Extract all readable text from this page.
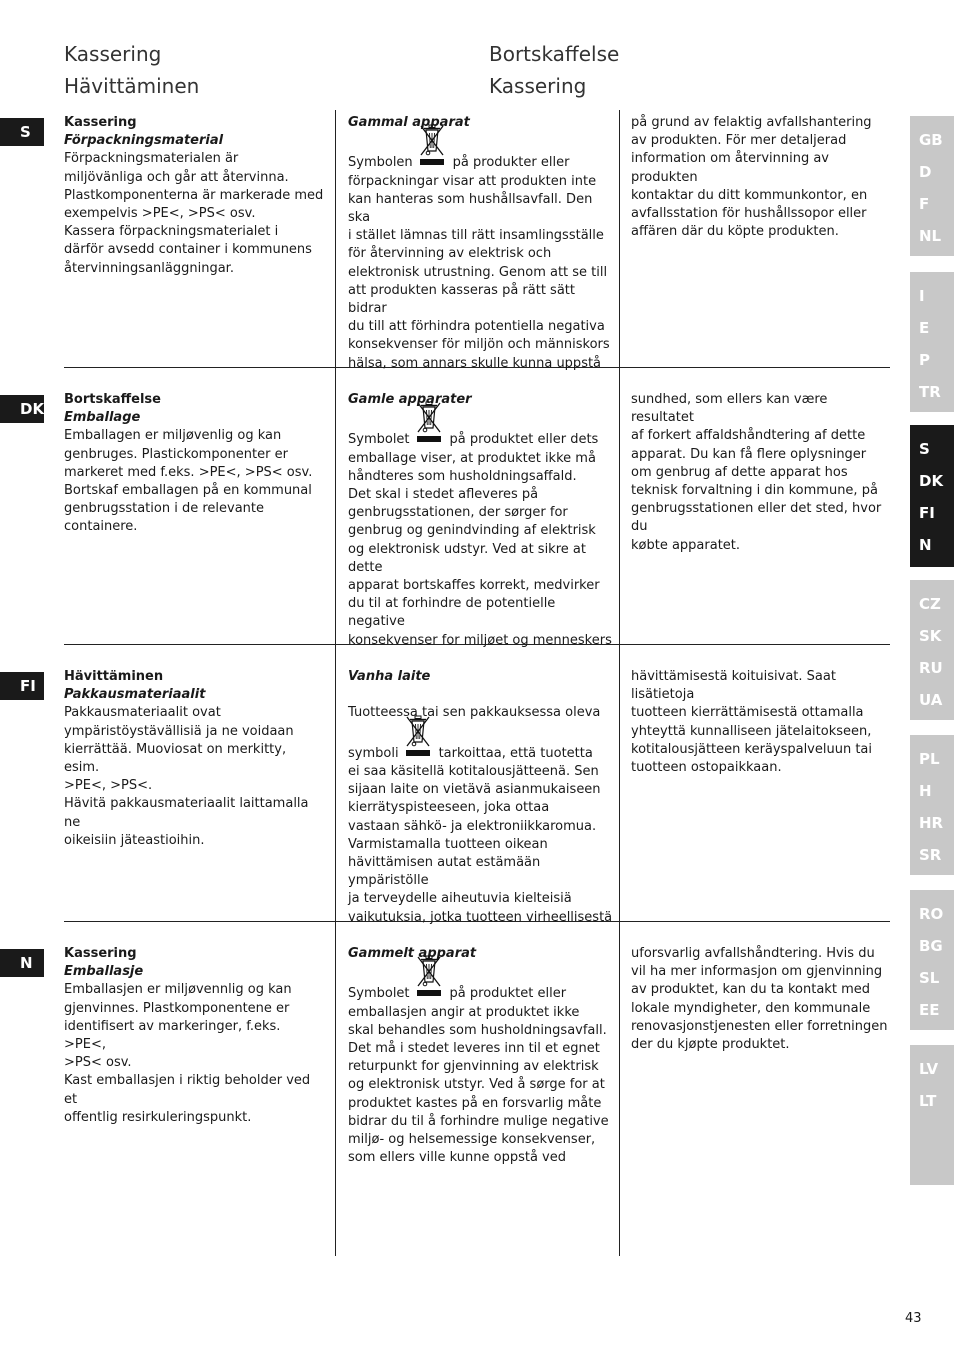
Kassering
Hävittäminen
Bortskaffelse
Kassering
S

Kassering

Förpackningsmaterial

Förpackningsmaterialen är

miljövänliga och går att återvinna.

Plastkomponenterna är markerade med

exempelvis >PE<, >PS< osv.

Kassera förpackningsmaterialet i

därför avsedd container i kommunens

återvinningsanläggningar.

Gammal apparat

Symbolen	på produkter eller

förpackningar visar att produkten inte

kan hanteras som hushållsavfall. Den ska

i stället lämnas till rätt insamlingsställe

för återvinning av elektrisk och

elektronisk utrustning. Genom att se till

att produkten kasseras på rätt sätt bidrar

du till att förhindra potentiella negativa

konsekvenser för miljön och människors

hälsa, som annars skulle kunna uppstå

på grund av felaktig avfallshantering

av produkten. För mer detaljerad

information om återvinning av produkten

kontaktar du ditt kommunkontor, en

avfallsstation för hushållssopor eller

affären där du köpte produkten.

DK

Bortskaffelse

Emballage

Emballagen er miljøvenlig og kan

genbruges. Plastickomponenter er

markeret med f.eks. >PE<, >PS< osv.

Bortskaf emballagen på en kommunal

genbrugsstation i de relevante

containere.

Gamle apparater

Symbolet	på produktet eller dets

emballage viser, at produktet ikke må

håndteres som husholdningsaffald.

Det skal i stedet afleveres på

genbrugsstationen, der sørger for

genbrug og genindvinding af elektrisk

og elektronisk udstyr. Ved at sikre at dette

apparat bortskaffes korrekt, medvirker

du til at forhindre de potentielle negative

konsekvenser for miljøet og menneskers

sundhed, som ellers kan være resultatet

af forkert affaldshåndtering af dette

apparat. Du kan få flere oplysninger

om genbrug af dette apparat hos

teknisk forvaltning i din kommune, på

genbrugsstationen eller det sted, hvor du

købte apparatet.

FI

Hävittäminen

Pakkausmateriaalit

Pakkausmateriaalit ovat

ympäristöystävällisiä ja ne voidaan

kierrättää. Muoviosat on merkitty, esim.

>PE<, >PS<.

Hävitä pakkausmateriaalit laittamalla ne

oikeisiin jäteastioihin.

Vanha laite

Tuotteessa tai sen pakkauksessa oleva

symboli	tarkoittaa, että tuotetta

ei saa käsitellä kotitalousjätteenä. Sen

sijaan laite on vietävä asianmukaiseen

kierrätyspisteeseen, joka ottaa

vastaan sähkö- ja elektroniikkaromua.

Varmistamalla tuotteen oikean

hävittämisen autat estämään ympäristölle

ja terveydelle aiheutuvia kielteisiä

vaikutuksia, jotka tuotteen virheellisestä

hävittämisestä koituisivat. Saat lisätietoja

tuotteen kierrättämisestä ottamalla

yhteyttä kunnalliseen jätelaitokseen,

kotitalousjätteen keräyspalveluun tai

tuotteen ostopaikkaan.

N

Kassering

Emballasje

Emballasjen er miljøvennlig og kan

gjenvinnes. Plastkomponentene er

identifisert av markeringer, f.eks. >PE<,

>PS< osv.

Kast emballasjen i riktig beholder ved et

offentlig resirkuleringspunkt.

Gammelt apparat

Symbolet	på produktet eller

emballasjen angir at produktet ikke

skal behandles som husholdningsavfall.

Det må i stedet leveres inn til et egnet

returpunkt for gjenvinning av elektrisk

og elektronisk utstyr. Ved å sørge for at

produktet kastes på en forsvarlig måte

bidrar du til å forhindre mulige negative

miljø- og helsemessige konsekvenser,

som ellers ville kunne oppstå ved

uforsvarlig avfallshåndtering. Hvis du

vil ha mer informasjon om gjenvinning

av produktet, kan du ta kontakt med

lokale myndigheter, den kommunale

renovasjonstjenesten eller forretningen

der du kjøpte produktet.

GB
D
F
NL
I
E
P
TR
S
DK
FI
N
CZ
SK
RU
UA
PL
H
HR
SR
RO
BG
SL
EE
LV
LT
43
